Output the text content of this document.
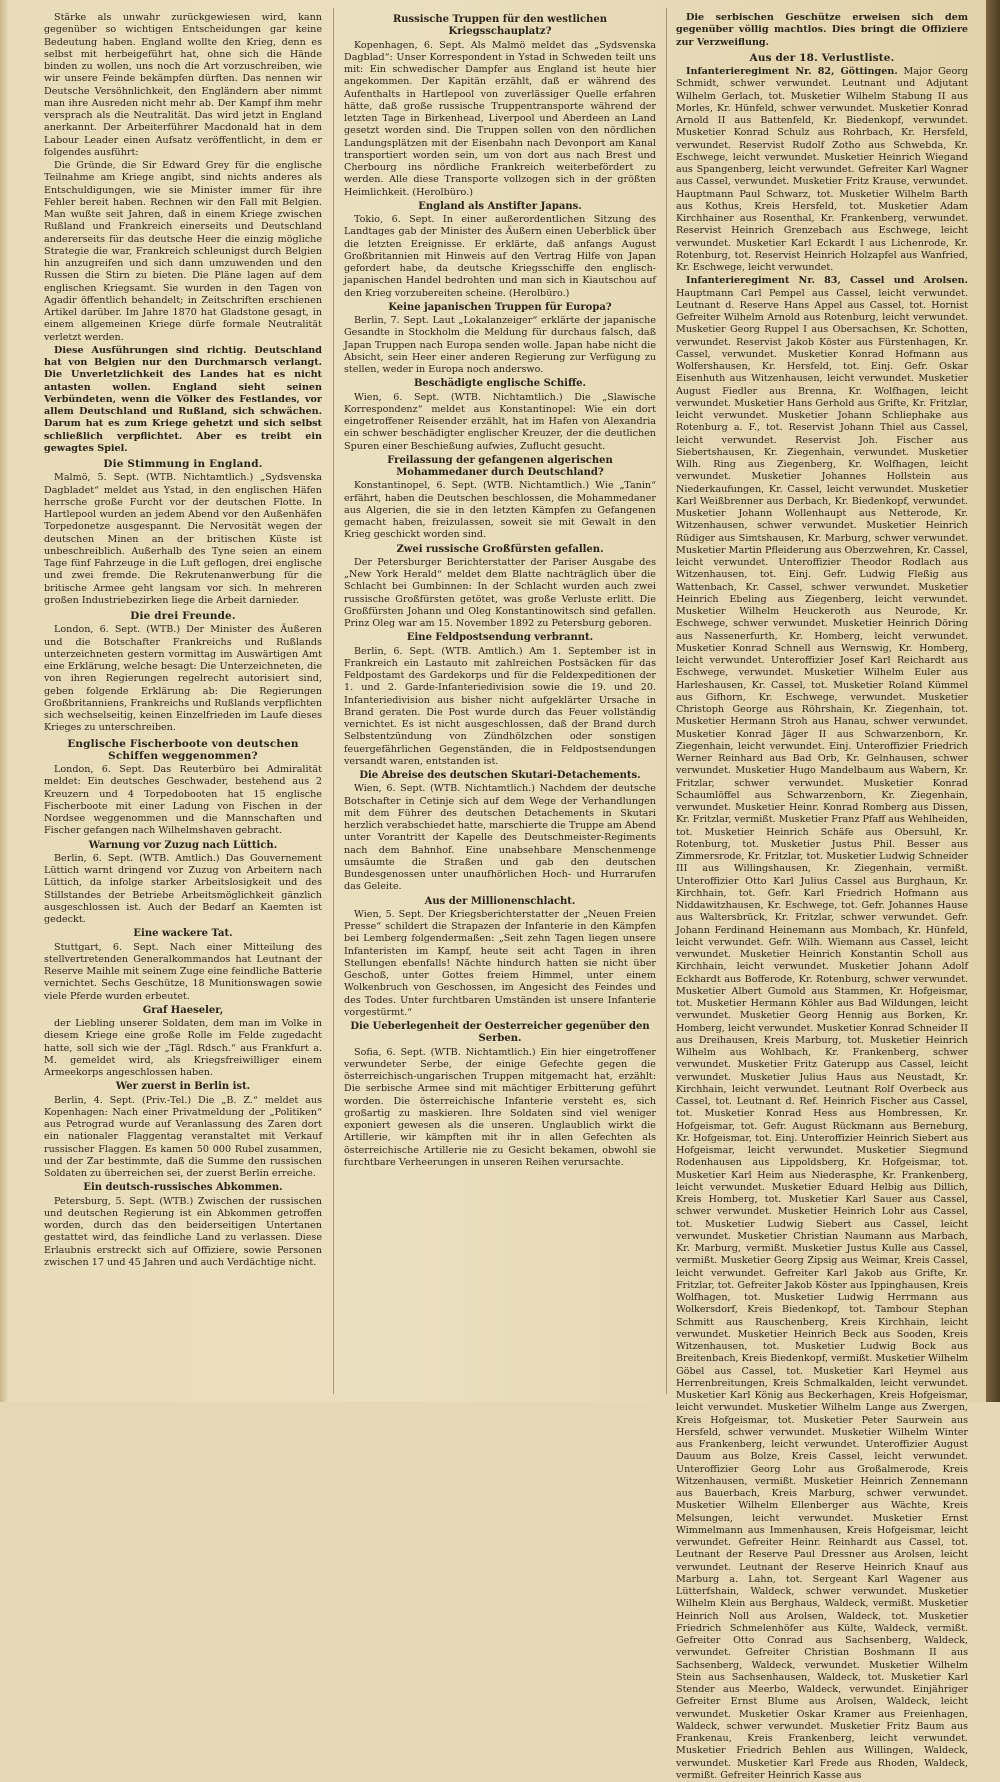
Stärke als unwahr zurückgewiesen wird, kann gegenüber so wichtigen Entscheidungen gar keine Bedeutung haben. England wollte den Krieg, denn es selbst mit herbeigeführt hat, ohne sich die Hände binden zu wollen, uns noch die Art vorzuschreiben, wie wir unsere Feinde bekämpfen dürften. Das nennen wir Deutsche Versöhnlichkeit, den Engländern aber nimmt man ihre Ausreden nicht mehr ab. Der Kampf ihm mehr versprach als die Neutralität. Das wird jetzt in England anerkannt. Der Arbeiterführer Macdonald hat in dem Labour Leader einen Aufsatz veröffentlicht, in dem er folgendes ausführt:

Die Gründe, die Sir Edward Grey für die englische Teilnahme am Kriege angibt, sind nichts anderes als Entschuldigungen, wie sie Minister immer für ihre Fehler bereit haben. Rechnen wir den Fall mit Belgien. Man wußte seit Jahren, daß in einem Kriege zwischen Rußland und Frankreich einerseits und Deutschland andererseits für das deutsche Heer die einzig mögliche Strategie die war, Frankreich schleunigst durch Belgien hin anzugreifen und sich dann umzuwenden und den Russen die Stirn zu bieten. Die Pläne lagen auf dem englischen Kriegsamt. Sie wurden in den Tagen von Agadir öffentlich behandelt; in Zeitschriften erschienen Artikel darüber. Im Jahre 1870 hat Gladstone gesagt, in einem allgemeinen Kriege dürfe formale Neutralität verletzt werden.

Diese Ausführungen sind richtig. Deutschland hat von Belgien nur den Durchmarsch verlangt. Die Unverletzlichkeit des Landes hat es nicht antasten wollen. England sieht seinen Verbündeten, wenn die Völker des Festlandes, vor allem Deutschland und Rußland, sich schwächen. Darum hat es zum Kriege gehetzt und sich selbst schließlich verpflichtet. Aber es treibt ein gewagtes Spiel.

Die Stimmung in England.

Malmö, 5. Sept. (WTB. Nichtamtlich.) „Sydsvenska Dagbladet“ meldet aus Ystad, in den englischen Häfen herrsche große Furcht vor der deutschen Flotte. In Hartlepool wurden an jedem Abend vor den Außenhäfen Torpedonetze ausgespannt. Die Nervosität wegen der deutschen Minen an der britischen Küste ist unbeschreiblich. Außerhalb des Tyne seien an einem Tage fünf Fahrzeuge in die Luft geflogen, drei englische und zwei fremde. Die Rekrutenanwerbung für die britische Armee geht langsam vor sich. In mehreren großen Industriebezirken liege die Arbeit darnieder.

Die drei Freunde.

London, 6. Sept. (WTB.) Der Minister des Äußeren und die Botschafter Frankreichs und Rußlands unterzeichneten gestern vormittag im Auswärtigen Amt eine Erklärung, welche besagt: Die Unterzeichneten, die von ihren Regierungen regelrecht autorisiert sind, geben folgende Erklärung ab: Die Regierungen Großbritanniens, Frankreichs und Rußlands verpflichten sich wechselseitig, keinen Einzelfrieden im Laufe dieses Krieges zu unterschreiben.

Englische Fischerboote von deutschen Schiffen weggenommen?

London, 6. Sept. Das Reuterbüro bei Admiralität meldet: Ein deutsches Geschwader, bestehend aus 2 Kreuzern und 4 Torpedobooten hat 15 englische Fischerboote mit einer Ladung von Fischen in der Nordsee weggenommen und die Mannschaften und Fischer gefangen nach Wilhelmshaven gebracht.

Warnung vor Zuzug nach Lüttich.

Berlin, 6. Sept. (WTB. Amtlich.) Das Gouvernement Lüttich warnt dringend vor Zuzug von Arbeitern nach Lüttich, da infolge starker Arbeitslosigkeit und des Stillstandes der Betriebe Arbeitsmöglichkeit gänzlich ausgeschlossen ist. Auch der Bedarf an Kaemten ist gedeckt.

Eine wackere Tat.

Stuttgart, 6. Sept. Nach einer Mitteilung des stellvertretenden Generalkommandos hat Leutnant der Reserve Maihle mit seinem Zuge eine feindliche Batterie vernichtet. Sechs Geschütze, 18 Munitionswagen sowie viele Pferde wurden erbeutet.

Graf Haeseler,

der Liebling unserer Soldaten, dem man im Volke in diesem Kriege eine große Rolle im Felde zugedacht hatte, soll sich wie der „Tägl. Rdsch.“ aus Frankfurt a. M. gemeldet wird, als Kriegsfreiwilliger einem Armeekorps angeschlossen haben.

Wer zuerst in Berlin ist.

Berlin, 4. Sept. (Priv.-Tel.) Die „B. Z.“ meldet aus Kopenhagen: Nach einer Privatmeldung der „Politiken“ aus Petrograd wurde auf Veranlassung des Zaren dort ein nationaler Flaggentag veranstaltet mit Verkauf russischer Flaggen. Es kamen 50 000 Rubel zusammen, und der Zar bestimmte, daß die Summe den russischen Soldaten zu überreichen sei, der zuerst Berlin erreiche.

Ein deutsch-russisches Abkommen.

Petersburg, 5. Sept. (WTB.) Zwischen der russischen und deutschen Regierung ist ein Abkommen getroffen worden, durch das den beiderseitigen Untertanen gestattet wird, das feindliche Land zu verlassen. Diese Erlaubnis erstreckt sich auf Offiziere, sowie Personen zwischen 17 und 45 Jahren und auch Verdächtige nicht.

Russische Truppen für den westlichen Kriegsschauplatz?

Kopenhagen, 6. Sept. Als Malmö meldet das „Sydsvenska Dagblad“: Unser Korrespondent in Ystad in Schweden teilt uns mit: Ein schwedischer Dampfer aus England ist heute hier angekommen. Der Kapitän erzählt, daß er während des Aufenthalts in Hartlepool von zuverlässiger Quelle erfahren hätte, daß große russische Truppentransporte während der letzten Tage in Birkenhead, Liverpool und Aberdeen an Land gesetzt worden sind. Die Truppen sollen von den nördlichen Landungsplätzen mit der Eisenbahn nach Devonport am Kanal transportiert worden sein, um von dort aus nach Brest und Cherbourg ins nördliche Frankreich weiterbefördert zu werden. Alle diese Transporte vollzogen sich in der größten Heimlichkeit. (Herolbüro.)

England als Anstifter Japans.

Tokio, 6. Sept. In einer außerordentlichen Sitzung des Landtages gab der Minister des Äußern einen Ueberblick über die letzten Ereignisse. Er erklärte, daß anfangs August Großbritannien mit Hinweis auf den Vertrag Hilfe von Japan gefordert habe, da deutsche Kriegsschiffe den englisch-japanischen Handel bedrohten und man sich in Kiautschou auf den Krieg vorzubereiten scheine. (Herolbüro.)

Keine japanischen Truppen für Europa?

Berlin, 7. Sept. Laut „Lokalanzeiger“ erklärte der japanische Gesandte in Stockholm die Meldung für durchaus falsch, daß Japan Truppen nach Europa senden wolle. Japan habe nicht die Absicht, sein Heer einer anderen Regierung zur Verfügung zu stellen, weder in Europa noch anderswo.

Beschädigte englische Schiffe.

Wien, 6. Sept. (WTB. Nichtamtlich.) Die „Slawische Korrespondenz“ meldet aus Konstantinopel: Wie ein dort eingetroffener Reisender erzählt, hat im Hafen von Alexandria ein schwer beschädigter englischer Kreuzer, der die deutlichen Spuren einer Beschießung aufwies, Zuflucht gesucht.

Freilassung der gefangenen algerischen Mohammedaner durch Deutschland?

Konstantinopel, 6. Sept. (WTB. Nichtamtlich.) Wie „Tanin“ erfährt, haben die Deutschen beschlossen, die Mohammedaner aus Algerien, die sie in den letzten Kämpfen zu Gefangenen gemacht haben, freizulassen, soweit sie mit Gewalt in den Krieg geschickt worden sind.

Zwei russische Großfürsten gefallen.

Der Petersburger Berichterstatter der Pariser Ausgabe des „New York Herald“ meldet dem Blatte nachträglich über die Schlacht bei Gumbinnen: In der Schlacht wurden auch zwei russische Großfürsten getötet, was große Verluste erlitt. Die Großfürsten Johann und Oleg Konstantinowitsch sind gefallen. Prinz Oleg war am 15. November 1892 zu Petersburg geboren.

Eine Feldpostsendung verbrannt.

Berlin, 6. Sept. (WTB. Amtlich.) Am 1. September ist in Frankreich ein Lastauto mit zahlreichen Postsäcken für das Feldpostamt des Gardekorps und für die Feldexpeditionen der 1. und 2. Garde-Infanteriedivision sowie die 19. und 20. Infanteriedivision aus bisher nicht aufgeklärter Ursache in Brand geraten. Die Post wurde durch das Feuer vollständig vernichtet. Es ist nicht ausgeschlossen, daß der Brand durch Selbstentzündung von Zündhölzchen oder sonstigen feuergefährlichen Gegenständen, die in Feldpostsendungen versandt waren, entstanden ist.

Die Abreise des deutschen Skutari-Detachements.

Wien, 6. Sept. (WTB. Nichtamtlich.) Nachdem der deutsche Botschafter in Cetinje sich auf dem Wege der Verhandlungen mit dem Führer des deutschen Detachements in Skutari herzlich verabschiedet hatte, marschierte die Truppe am Abend unter Vorantritt der Kapelle des Deutschmeister-Regiments nach dem Bahnhof. Eine unabsehbare Menschenmenge umsäumte die Straßen und gab den deutschen Bundesgenossen unter unaufhörlichen Hoch- und Hurrarufen das Geleite.

Aus der Millionenschlacht.

Wien, 5. Sept. Der Kriegsberichterstatter der „Neuen Freien Presse“ schildert die Strapazen der Infanterie in den Kämpfen bei Lemberg folgendermaßen: „Seit zehn Tagen liegen unsere Infanteristen im Kampf, heute seit acht Tagen in ihren Stellungen ebenfalls! Nächte hindurch hatten sie nicht über Geschoß, unter Gottes freiem Himmel, unter einem Wolkenbruch von Geschossen, im Angesicht des Feindes und des Todes. Unter furchtbaren Umständen ist unsere Infanterie vorgestürmt.“

Die Ueberlegenheit der Oesterreicher gegenüber den Serben.

Sofia, 6. Sept. (WTB. Nichtamtlich.) Ein hier eingetroffener verwundeter Serbe, der einige Gefechte gegen die österreichisch-ungarischen Truppen mitgemacht hat, erzählt: Die serbische Armee sind mit mächtiger Erbitterung geführt worden. Die österreichische Infanterie versteht es, sich großartig zu maskieren. Ihre Soldaten sind viel weniger exponiert gewesen als die unseren. Unglaublich wirkt die Artillerie, wir kämpften mit ihr in allen Gefechten als österreichische Artillerie nie zu Gesicht bekamen, obwohl sie furchtbare Verheerungen in unseren Reihen verursachte.

Die serbischen Geschütze erweisen sich dem gegenüber völlig machtlos. Dies bringt die Offiziere zur Verzweiflung.

Aus der 18. Verlustliste.

Infanterieregiment Nr. 82, Göttingen. Major Georg Schmidt, schwer verwundet. Leutnant und Adjutant Wilhelm Gerlach, tot. Musketier Wilhelm Stabung II aus Morles, Kr. Hünfeld, schwer verwundet. Musketier Konrad Arnold II aus Battenfeld, Kr. Biedenkopf, verwundet. Musketier Konrad Schulz aus Rohrbach, Kr. Hersfeld, verwundet. Reservist Rudolf Zotho aus Schwebda, Kr. Eschwege, leicht verwundet. Musketier Heinrich Wiegand aus Spangenberg, leicht verwundet. Gefreiter Karl Wagner aus Cassel, verwundet. Musketier Fritz Krause, verwundet. Hauptmann Paul Schwarz, tot. Musketier Wilhelm Barth aus Kothus, Kreis Hersfeld, tot. Musketier Adam Kirchhainer aus Rosenthal, Kr. Frankenberg, verwundet. Reservist Heinrich Grenzebach aus Eschwege, leicht verwundet. Musketier Karl Eckardt I aus Lichenrode, Kr. Rotenburg, tot. Reservist Heinrich Holzapfel aus Wanfried, Kr. Eschwege, leicht verwundet.

Infanterieregiment Nr. 83, Cassel und Arolsen. Hauptmann Carl Pempel aus Cassel, leicht verwundet. Leutnant d. Reserve Hans Appel aus Cassel, tot. Hornist Gefreiter Wilhelm Arnold aus Rotenburg, leicht verwundet. Musketier Georg Ruppel I aus Obersachsen, Kr. Schotten, verwundet. Reservist Jakob Köster aus Fürstenhagen, Kr. Cassel, verwundet. Musketier Konrad Hofmann aus Wolfershausen, Kr. Hersfeld, tot. Einj. Gefr. Oskar Eisenhuth aus Witzenhausen, leicht verwundet. Musketier August Fiedler aus Brenna, Kr. Wolfhagen, leicht verwundet. Musketier Hans Gerhold aus Grifte, Kr. Fritzlar, leicht verwundet. Musketier Johann Schliephake aus Rotenburg a. F., tot. Reservist Johann Thiel aus Cassel, leicht verwundet. Reservist Joh. Fischer aus Siebertshausen, Kr. Ziegenhain, verwundet. Musketier Wilh. Ring aus Ziegenberg, Kr. Wolfhagen, leicht verwundet. Musketier Johannes Hollstein aus Niederkaufungen, Kr. Cassel, leicht verwundet. Musketier Karl Weißbrenner aus Derbach, Kr. Biedenkopf, verwundet. Musketier Johann Wollenhaupt aus Netterode, Kr. Witzenhausen, schwer verwundet. Musketier Heinrich Rüdiger aus Simtshausen, Kr. Marburg, schwer verwundet. Musketier Martin Pfleiderung aus Oberzwehren, Kr. Cassel, leicht verwundet. Unteroffizier Theodor Rodlach aus Witzenhausen, tot. Einj. Gefr. Ludwig Fleßig aus Wattenbach, Kr. Cassel, schwer verwundet. Musketier Heinrich Ebeling aus Ziegenberg, leicht verwundet. Musketier Wilhelm Heuckeroth aus Neurode, Kr. Eschwege, schwer verwundet. Musketier Heinrich Döring aus Nassenerfurth, Kr. Homberg, leicht verwundet. Musketier Konrad Schnell aus Wernswig, Kr. Homberg, leicht verwundet. Unteroffizier Josef Karl Reichardt aus Eschwege, verwundet. Musketier Wilhelm Euler aus Harleshausen, Kr. Cassel, tot. Musketier Roland Kümmel aus Gifhorn, Kr. Eschwege, verwundet. Musketier Christoph George aus Röhrshain, Kr. Ziegenhain, tot. Musketier Hermann Stroh aus Hanau, schwer verwundet. Musketier Konrad Jäger II aus Schwarzenborn, Kr. Ziegenhain, leicht verwundet. Einj. Unteroffizier Friedrich Werner Reinhard aus Bad Orb, Kr. Gelnhausen, schwer verwundet. Musketier Hugo Mandelbaum aus Wabern, Kr. Fritzlar, schwer verwundet. Musketier Konrad Schaumlöffel aus Schwarzenborn, Kr. Ziegenhain, verwundet. Musketier Heinr. Konrad Romberg aus Dissen, Kr. Fritzlar, vermißt. Musketier Franz Pfaff aus Wehlheiden, tot. Musketier Heinrich Schäfe aus Obersuhl, Kr. Rotenburg, tot. Musketier Justus Phil. Besser aus Zimmersrode, Kr. Fritzlar, tot. Musketier Ludwig Schneider III aus Willingshausen, Kr. Ziegenhain, vermißt. Unteroffizier Otto Karl Julius Cassel aus Burghaun, Kr. Kirchhain, tot. Gefr. Karl Friedrich Hofmann aus Niddawitzhausen, Kr. Eschwege, tot. Gefr. Johannes Hause aus Waltersbrück, Kr. Fritzlar, schwer verwundet. Gefr. Johann Ferdinand Heinemann aus Mombach, Kr. Hünfeld, leicht verwundet. Gefr. Wilh. Wiemann aus Cassel, leicht verwundet. Musketier Heinrich Konstantin Scholl aus Kirchhain, leicht verwundet. Musketier Johann Adolf Eckhardt aus Bofferode, Kr. Rotenburg, schwer verwundet. Musketier Albert Gumold aus Stammen, Kr. Hofgeismar, tot. Musketier Hermann Köhler aus Bad Wildungen, leicht verwundet. Musketier Georg Hennig aus Borken, Kr. Homberg, leicht verwundet. Musketier Konrad Schneider II aus Dreihausen, Kreis Marburg, tot. Musketier Heinrich Wilhelm aus Wohlbach, Kr. Frankenberg, schwer verwundet. Musketier Fritz Gaterupp aus Cassel, leicht verwundet. Musketier Julius Haus aus Neustadt, Kr. Kirchhain, leicht verwundet. Leutnant Rolf Overbeck aus Cassel, tot. Leutnant d. Ref. Heinrich Fischer aus Cassel, tot. Musketier Konrad Hess aus Hombressen, Kr. Hofgeismar, tot. Gefr. August Rückmann aus Berneburg, Kr. Hofgeismar, tot. Einj. Unteroffizier Heinrich Siebert aus Hofgeismar, leicht verwundet. Musketier Siegmund Rodenhausen aus Lippoldsberg, Kr. Hofgeismar, tot. Musketier Karl Heim aus Niederasphe, Kr. Frankenberg, leicht verwundet. Musketier Eduard Helbig aus Dillich, Kreis Homberg, tot. Musketier Karl Sauer aus Cassel, schwer verwundet. Musketier Heinrich Lohr aus Cassel, tot. Musketier Ludwig Siebert aus Cassel, leicht verwundet. Musketier Christian Naumann aus Marbach, Kr. Marburg, vermißt. Musketier Justus Kulle aus Cassel, vermißt. Musketier Georg Zipsig aus Weimar, Kreis Cassel, leicht verwundet. Gefreiter Karl Jakob aus Grifte, Kr. Fritzlar, tot. Gefreiter Jakob Köster aus Ippinghausen, Kreis Wolfhagen, tot. Musketier Ludwig Herrmann aus Wolkersdorf, Kreis Biedenkopf, tot. Tambour Stephan Schmitt aus Rauschenberg, Kreis Kirchhain, leicht verwundet. Musketier Heinrich Beck aus Sooden, Kreis Witzenhausen, tot. Musketier Ludwig Bock aus Breitenbach, Kreis Biedenkopf, vermißt. Musketier Wilhelm Göbel aus Cassel, tot. Musketier Karl Heymel aus Herrenbreitungen, Kreis Schmalkalden, leicht verwundet. Musketier Karl König aus Beckerhagen, Kreis Hofgeismar, leicht verwundet. Musketier Wilhelm Lange aus Zwergen, Kreis Hofgeismar, tot. Musketier Peter Saurwein aus Hersfeld, schwer verwundet. Musketier Wilhelm Winter aus Frankenberg, leicht verwundet. Unteroffizier August Dauum aus Bolze, Kreis Cassel, leicht verwundet. Unteroffizier Georg Lohr aus Großalmerode, Kreis Witzenhausen, vermißt. Musketier Heinrich Zennemann aus Bauerbach, Kreis Marburg, schwer verwundet. Musketier Wilhelm Ellenberger aus Wächte, Kreis Melsungen, leicht verwundet. Musketier Ernst Wimmelmann aus Immenhausen, Kreis Hofgeismar, leicht verwundet. Gefreiter Heinr. Reinhardt aus Cassel, tot. Leutnant der Reserve Paul Dressner aus Arolsen, leicht verwundet. Leutnant der Reserve Heinrich Knauf aus Marburg a. Lahn, tot. Sergeant Karl Wagener aus Lütterfshain, Waldeck, schwer verwundet. Musketier Wilhelm Klein aus Berghaus, Waldeck, vermißt. Musketier Heinrich Noll aus Arolsen, Waldeck, tot. Musketier Friedrich Schmelenhöfer aus Külte, Waldeck, vermißt. Gefreiter Otto Conrad aus Sachsenberg, Waldeck, verwundet. Gefreiter Christian Boshmann II aus Sachsenberg, Waldeck, verwundet. Musketier Wilhelm Stein aus Sachsenhausen, Waldeck, tot. Musketier Karl Stender aus Meerbo, Waldeck, verwundet. Einjähriger Gefreiter Ernst Blume aus Arolsen, Waldeck, leicht verwundet. Musketier Oskar Kramer aus Freienhagen, Waldeck, schwer verwundet. Musketier Fritz Baum aus Frankenau, Kreis Frankenberg, leicht verwundet. Musketier Friedrich Behlen aus Willingen, Waldeck, verwundet. Musketier Karl Frede aus Rhoden, Waldeck, vermißt. Gefreiter Heinrich Kasse aus
